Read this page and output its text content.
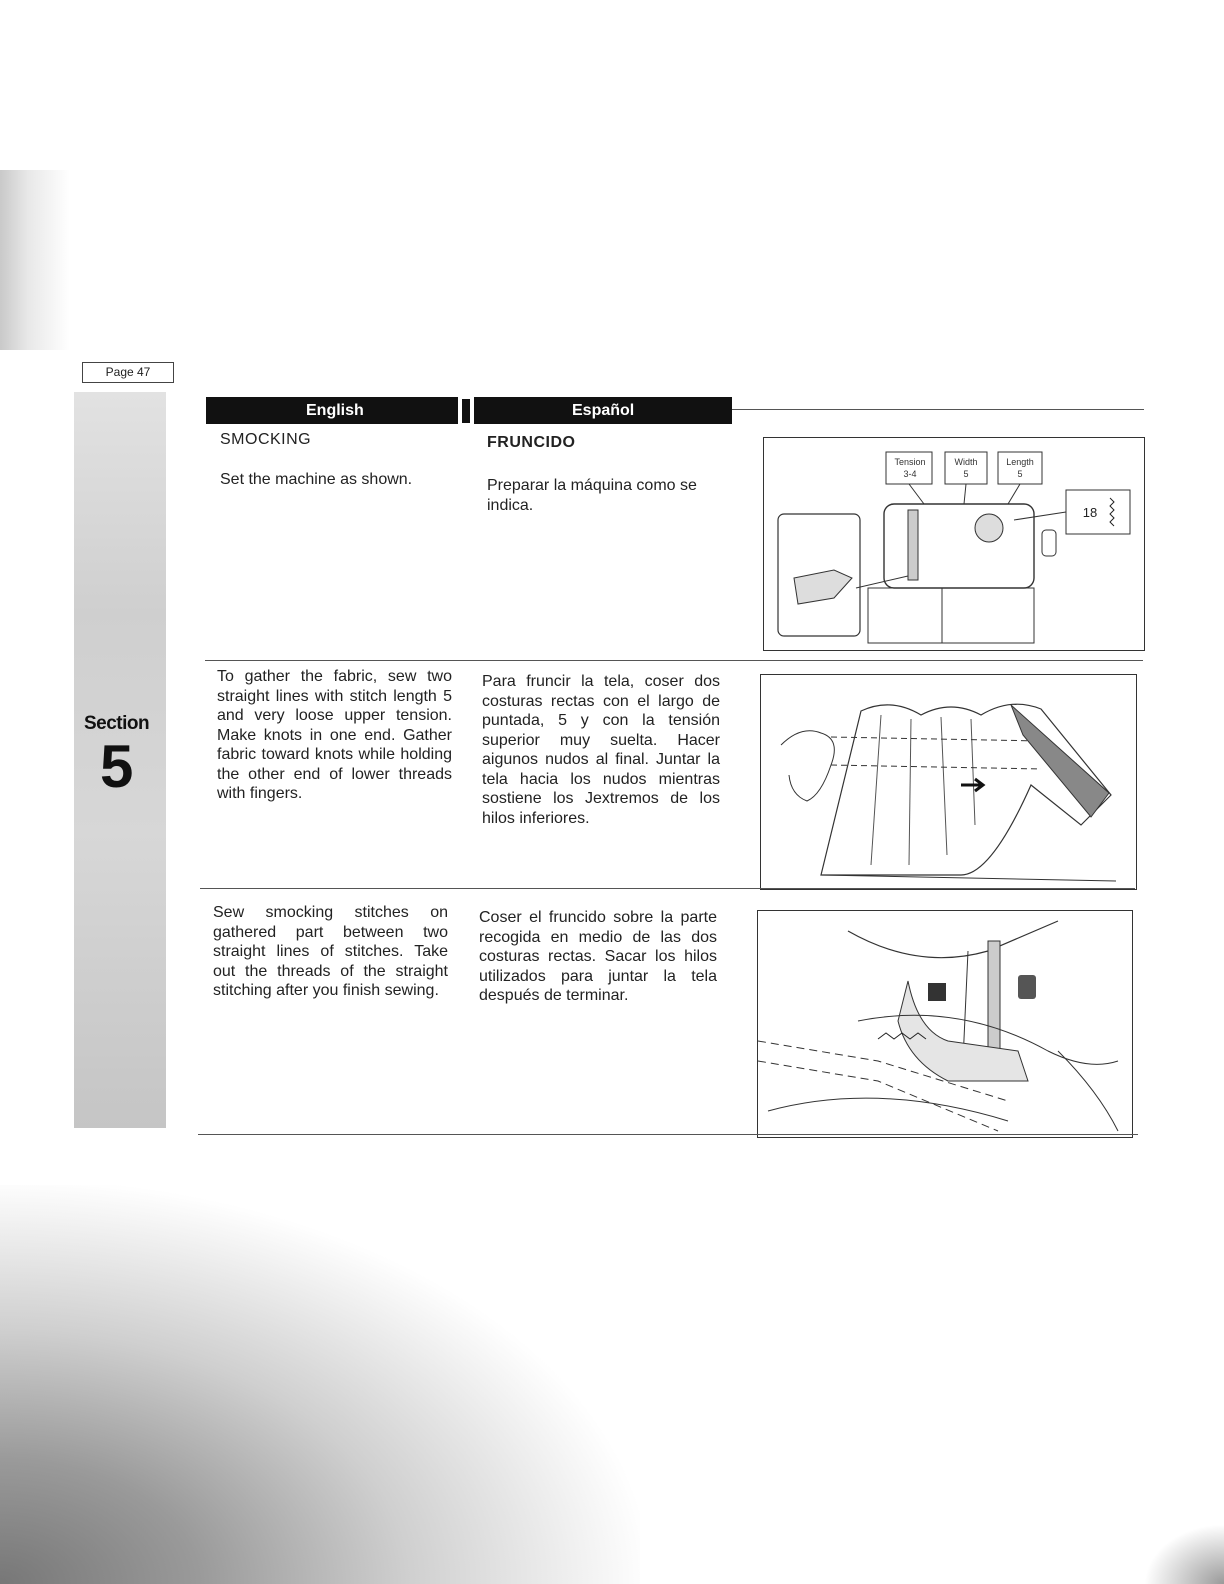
Page 47
Section
5
English	Español
SMOCKING
Set the machine as shown.
FRUNCIDO
Preparar la máquina como se indica.
Tension
3-4
Width
5
Length
5
18
To gather the fabric, sew two straight lines with stitch length 5 and very loose upper tension. Make knots in one end. Gather fabric toward knots while holding the other end of lower threads with fingers.
Para fruncir la tela, coser dos costuras rectas con el largo de puntada, 5 y con la tensión superior muy suelta. Hacer aigunos nudos al final. Juntar la tela hacia los nudos mientras sostiene los Jextremos de los hilos inferiores.
Sew smocking stitches on gathered part between two straight lines of stitches. Take out the threads of the straight stitching after you finish sewing.
Coser el fruncido sobre la parte recogida en medio de las dos costuras rectas. Sacar los hilos utilizados para juntar la tela después de terminar.
